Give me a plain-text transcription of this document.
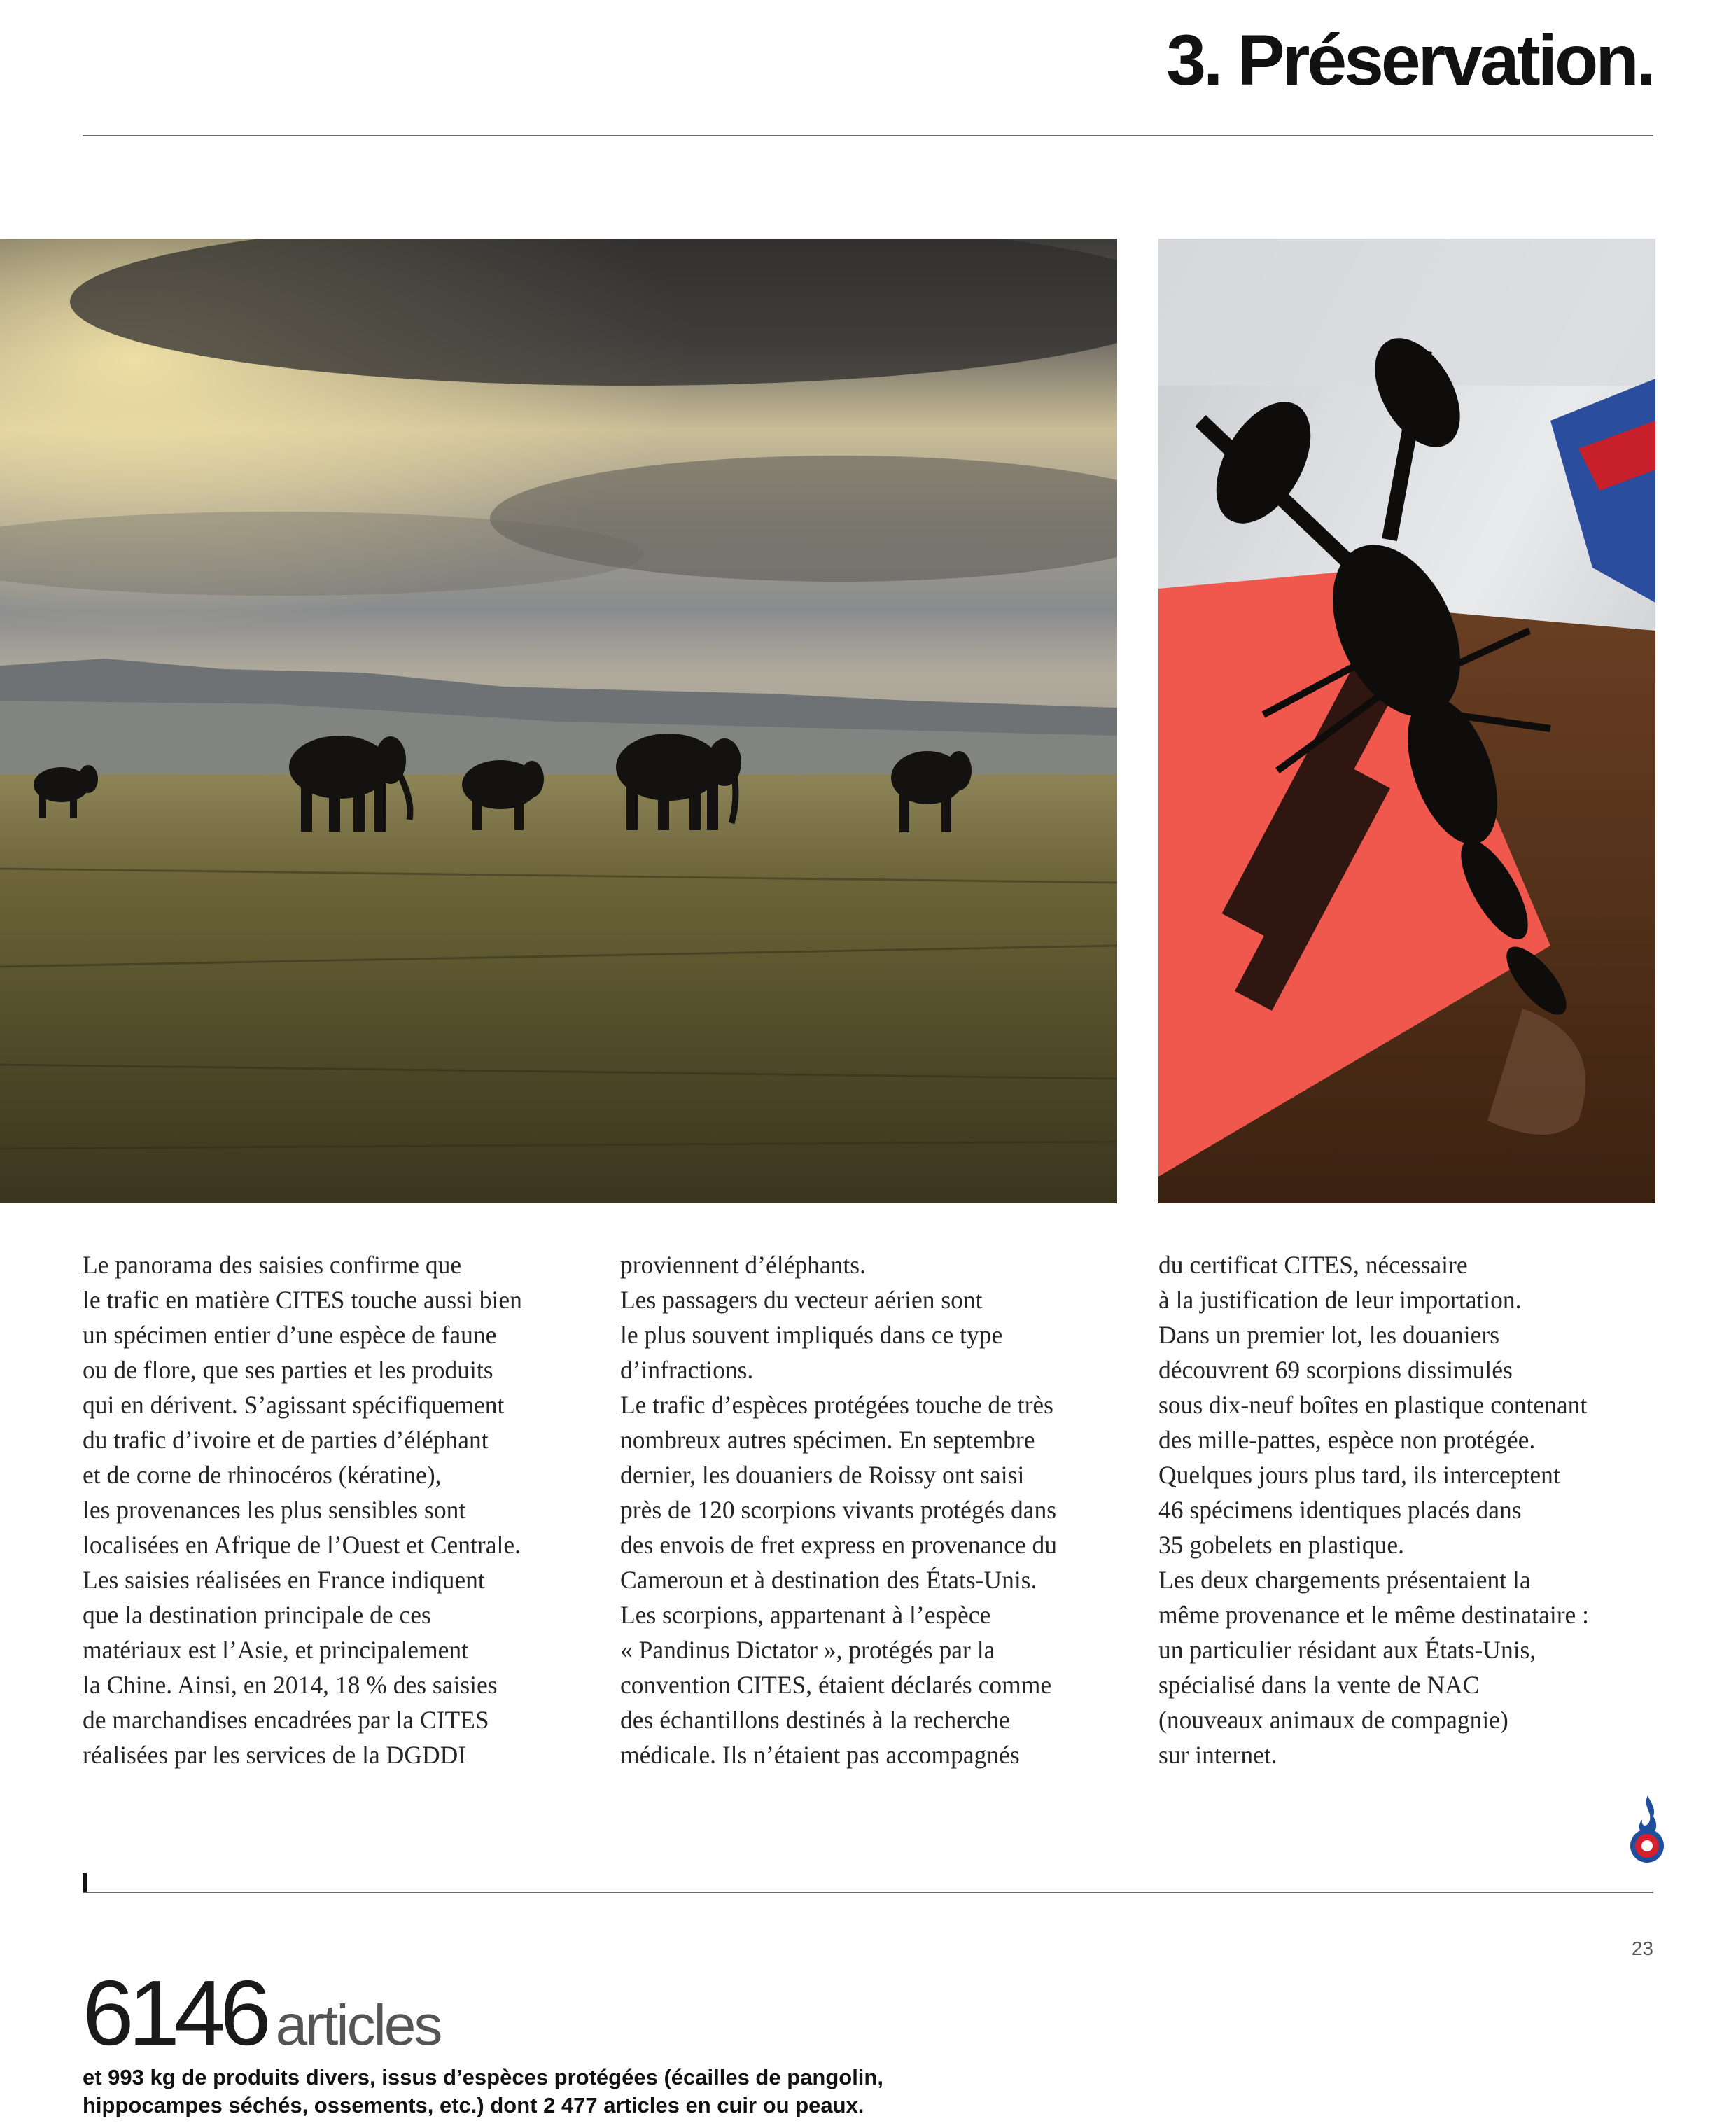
3. Préservation.
Le panorama des saisies confirme que
le trafic en matière CITES touche aussi bien
un spécimen entier d’une espèce de faune
ou de flore, que ses parties et les produits
qui en dérivent. S’agissant spécifiquement
du trafic d’ivoire et de parties d’éléphant
et de corne de rhinocéros (kératine),
les provenances les plus sensibles sont
localisées en Afrique de l’Ouest et Centrale.
Les saisies réalisées en France indiquent
que la destination principale de ces
matériaux est l’Asie, et principalement
la Chine. Ainsi, en 2014, 18 % des saisies
de marchandises encadrées par la CITES
réalisées par les services de la DGDDI
proviennent d’éléphants.
Les passagers du vecteur aérien sont
le plus souvent impliqués dans ce type
d’infractions.
Le trafic d’espèces protégées touche de très
nombreux autres spécimen. En septembre
dernier, les douaniers de Roissy ont saisi
près de 120 scorpions vivants protégés dans
des envois de fret express en provenance du
Cameroun et à destination des États-Unis.
Les scorpions, appartenant à l’espèce
« Pandinus Dictator », protégés par la
convention CITES, étaient déclarés comme
des échantillons destinés à la recherche
médicale. Ils n’étaient pas accompagnés
du certificat CITES, nécessaire
à la justification de leur importation.
Dans un premier lot, les douaniers
découvrent 69 scorpions dissimulés
sous dix-neuf boîtes en plastique contenant
des mille-pattes, espèce non protégée.
Quelques jours plus tard, ils interceptent
46 spécimens identiques placés dans
35 gobelets en plastique.
Les deux chargements présentaient la
même provenance et le même destinataire :
un particulier résidant aux États-Unis,
spécialisé dans la vente de NAC
(nouveaux animaux de compagnie)
sur internet.
23
6146 articles
et 993 kg de produits divers, issus d’espèces protégées (écailles de pangolin,
hippocampes séchés, ossements, etc.) dont 2 477 articles en cuir ou peaux.
